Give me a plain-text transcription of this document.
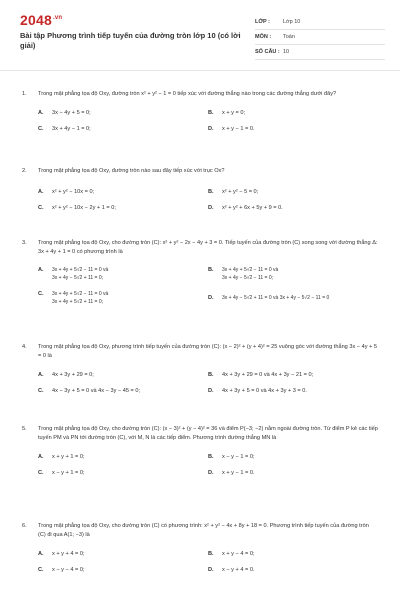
$2048^{.vn}$
Bài tập Phương trình tiếp tuyến của đường tròn lớp 10 (có lời giải)
LỚP :	Lớp 10
MÔN :	Toán
SỐ CÂU : 10
1.	Trong mặt phẳng tọa độ Oxy, đường tròn x² + y² − 1 = 0 tiếp xúc với đường thẳng nào trong các đường thẳng dưới đây?
A.	3x − 4y + 5 = 0;	B.	x + y = 0;
C.	3x + 4y − 1 = 0;	D.	x + y − 1 = 0.
2.	Trong mặt phẳng tọa độ Oxy, đường tròn nào sau đây tiếp xúc với trục Ox?
A.	x² + y² − 10x = 0;	B.	x² + y² − 5 = 0;
C.	x² + y² − 10x − 2y + 1 = 0;	D.	x² + y² + 6x + 5y + 9 = 0.
3.	Trong mặt phẳng tọa độ Oxy, cho đường tròn (C): x² + y² − 2x − 4y + 3 = 0. Tiếp tuyến của đường tròn (C) song song với đường thẳng Δ: 3x + 4y + 1 = 0 có phương trình là
A.	3x + 4y + 5√2 − 11 = 0 và
3x + 4y − 5√2 + 11 = 0;
B.	3x + 4y + 5√2 − 11 = 0 và
3x + 4y − 5√2 − 11 = 0;
C.	3x + 4y + 5√2 − 11 = 0 và
3x + 4y + 5√2 + 11 = 0;
D.	3x + 4y − 5√2 + 11 = 0 và 3x + 4y − 5√2 − 11 = 0
4.	Trong mặt phẳng tọa độ Oxy, phương trình tiếp tuyến của đường tròn (C): (x − 2)² + (y + 4)² = 25 vuông góc với đường thẳng 3x − 4y + 5 = 0 là
A.	4x + 3y + 29 = 0;	B.	4x + 3y + 29 = 0 và 4x + 3y − 21 = 0;
C.	4x − 3y + 5 = 0 và 4x − 3y − 45 = 0;	D.	4x + 3y + 5 = 0 và 4x + 3y + 3 = 0.
5.	Trong mặt phẳng tọa độ Oxy, cho đường tròn (C): (x − 3)² + (y − 4)² = 36 và điểm P(−3; −2) nằm ngoài đường tròn. Từ điểm P kẻ các tiếp tuyến PM và PN tới đường tròn (C), với M, N là các tiếp điểm. Phương trình đường thẳng MN là
A.	x + y + 1 = 0;	B.	x − y − 1 = 0;
C.	x − y + 1 = 0;	D.	x + y − 1 = 0.
6.	Trong mặt phẳng tọa độ Oxy, cho đường tròn (C) có phương trình: x² + y² − 4x + 8y + 18 = 0. Phương trình tiếp tuyến của đường tròn (C) đi qua A(1; −3) là
A.	x + y + 4 = 0;	B.	x + y − 4 = 0;
C.	x − y − 4 = 0;	D.	x − y + 4 = 0.
